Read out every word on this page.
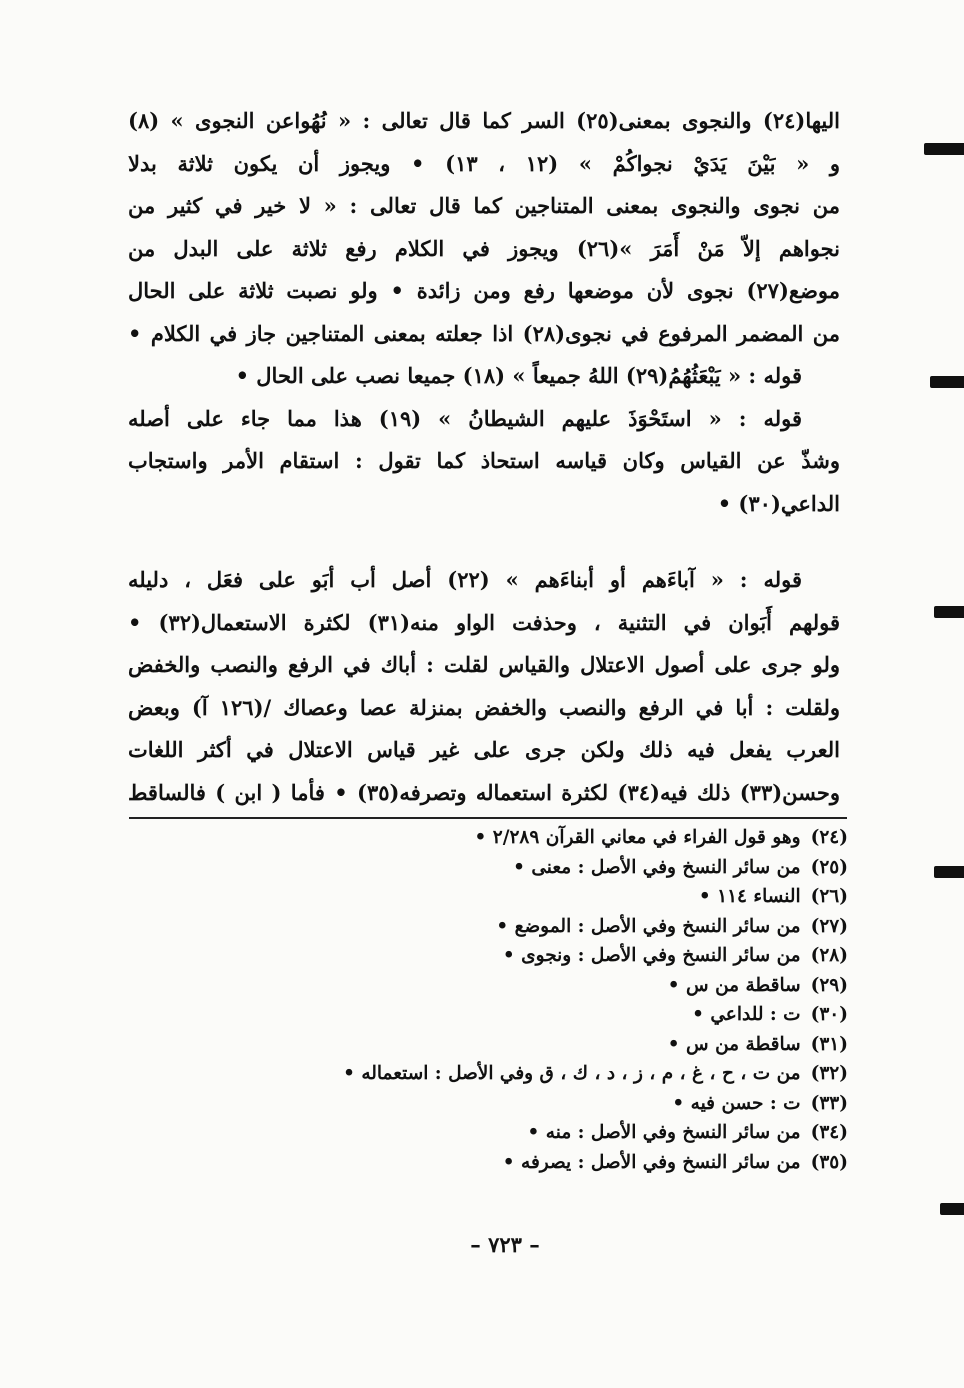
اليها(٢٤) والنجوى بمعنى(٢٥) السر كما قال تعالى : « نُهُواعن النجوى » (٨)
و « بَيْنَ يَدَيْ نجواكُمْ » (١٢ ، ١٣) • ويجوز أن يكون ثلاثة بدلا
من نجوى والنجوى بمعنى المتناجين كما قال تعالى : « لا خير في كثير من
نجواهم إلاّ مَنْ أَمَرَ »(٢٦) ويجوز في الكلام رفع ثلاثة على البدل من
موضع(٢٧) نجوى لأن موضعها رفع ومن زائدة • ولو نصبت ثلاثة على الحال
من المضمر المرفوع في نجوى(٢٨) اذا جعلته بمعنى المتناجين جاز في الكلام •
قوله : « يَبْعَثُهُمُ(٢٩) اللهُ جميعاً » (١٨) جميعا نصب على الحال •
قوله : « استَحْوَذَ عليهم الشيطانُ » (١٩) هذا مما جاء على أصله
وشذّ عن القياس وكان قياسه استحاذ كما تقول : استقام الأمر واستجاب
الداعي(٣٠) •
قوله : « آباءَهم أو أبناءَهم » (٢٢) أصل أب أبَو على فعَل ، دليله
قولهم أَبَوان في التثنية ، وحذفت الواو منه(٣١) لكثرة الاستعمال(٣٢) •
ولو جرى على أصول الاعتلال والقياس لقلت : أباك في الرفع والنصب والخفض
ولقلت : أبا في الرفع والنصب والخفض بمنزلة عصا وعصاك /(١٢٦ آ) وبعض
العرب يفعل فيه ذلك ولكن جرى على غير قياس الاعتلال في أكثر اللغات
وحسن(٣٣) ذلك فيه(٣٤) لكثرة استعماله وتصرفه(٣٥) • فأما ( ابن ) فالساقط
(٢٤)وهو قول الفراء في معاني القرآن ٢/٢٨٩ •
(٢٥)من سائر النسخ وفي الأصل : معنى •
(٢٦)النساء ١١٤ •
(٢٧)من سائر النسخ وفي الأصل : الموضع •
(٢٨)من سائر النسخ وفي الأصل : ونجوى •
(٢٩)ساقطة من س •
(٣٠)ت : للداعي •
(٣١)ساقطة من س •
(٣٢)من ت ، ح ، غ ، م ، ز ، د ، ك ، ق وفي الأصل : استعماله •
(٣٣)ت : حسن فيه •
(٣٤)من سائر النسخ وفي الأصل : منه •
(٣٥)من سائر النسخ وفي الأصل : يصرفه •
– ٧٢٣ –
